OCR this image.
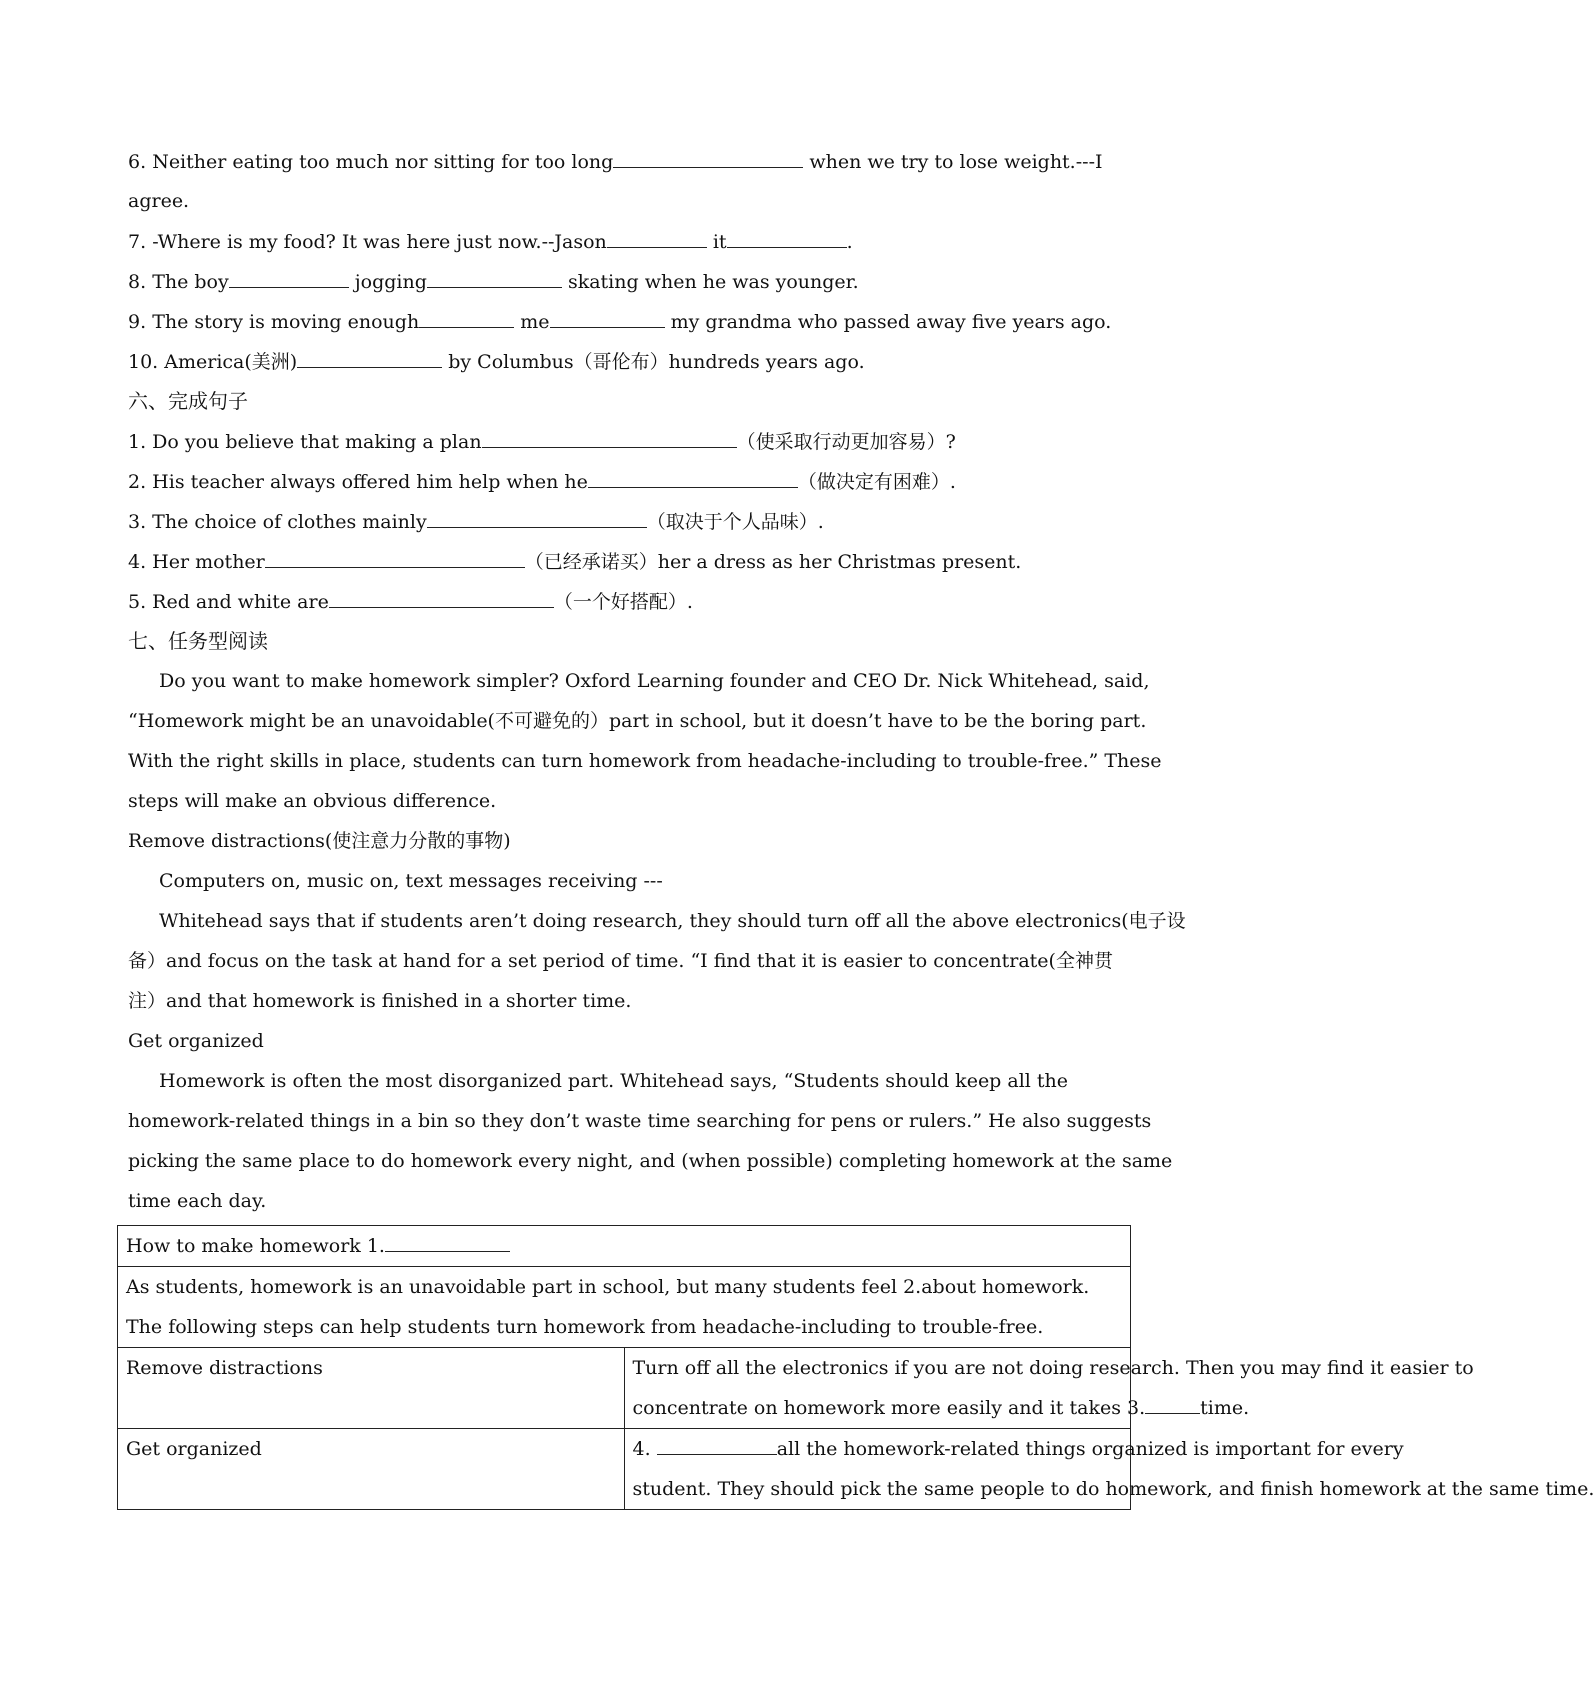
6. Neither eating too much nor sitting for too long	when we try to lose weight.---I
agree.
7. -Where is my food? It was here just now.--Jason	it	.
8. The boy	jogging	skating when he was younger.
9. The story is moving enough	me	my grandma who passed away five years ago.
10. America(美洲)	by Columbus（哥伦布）hundreds years ago.
六、完成句子
1. Do you believe that making a plan	（使采取行动更加容易）?
2. His teacher always offered him help when he	（做决定有困难）.
3. The choice of clothes mainly	（取决于个人品味）.
4. Her mother	（已经承诺买）her a dress as her Christmas present.
5. Red and white are	（一个好搭配）.
七、任务型阅读
Do you want to make homework simpler? Oxford Learning founder and CEO Dr. Nick Whitehead, said,
“Homework might be an unavoidable(不可避免的）part in school, but it doesn’t have to be the boring part.
With the right skills in place, students can turn homework from headache-including to trouble-free.” These
steps will make an obvious difference.
Remove distractions(使注意力分散的事物)
Computers on, music on, text messages receiving ---
Whitehead says that if students aren’t doing research, they should turn off all the above electronics(电子设
备）and focus on the task at hand for a set period of time. “I find that it is easier to concentrate(全神贯
注）and that homework is finished in a shorter time.
Get organized
Homework is often the most disorganized part. Whitehead says, “Students should keep all the
homework-related things in a bin so they don’t waste time searching for pens or rulers.” He also suggests
picking the same place to do homework every night, and (when possible) completing homework at the same
time each day.
How to make homework 1.	

As students, homework is an unavoidable part in school, but many students feel 2.about homework.
The following steps can help students turn homework from headache-including to trouble-free.	

Remove distractions	Turn off all the electronics if you are not doing research. Then you may find it easier to
concentrate on homework more easily and it takes 3. time.

Get organized	4. all the homework-related things organized is important for every
student. They should pick the same people to do homework, and finish homework at the same time.
